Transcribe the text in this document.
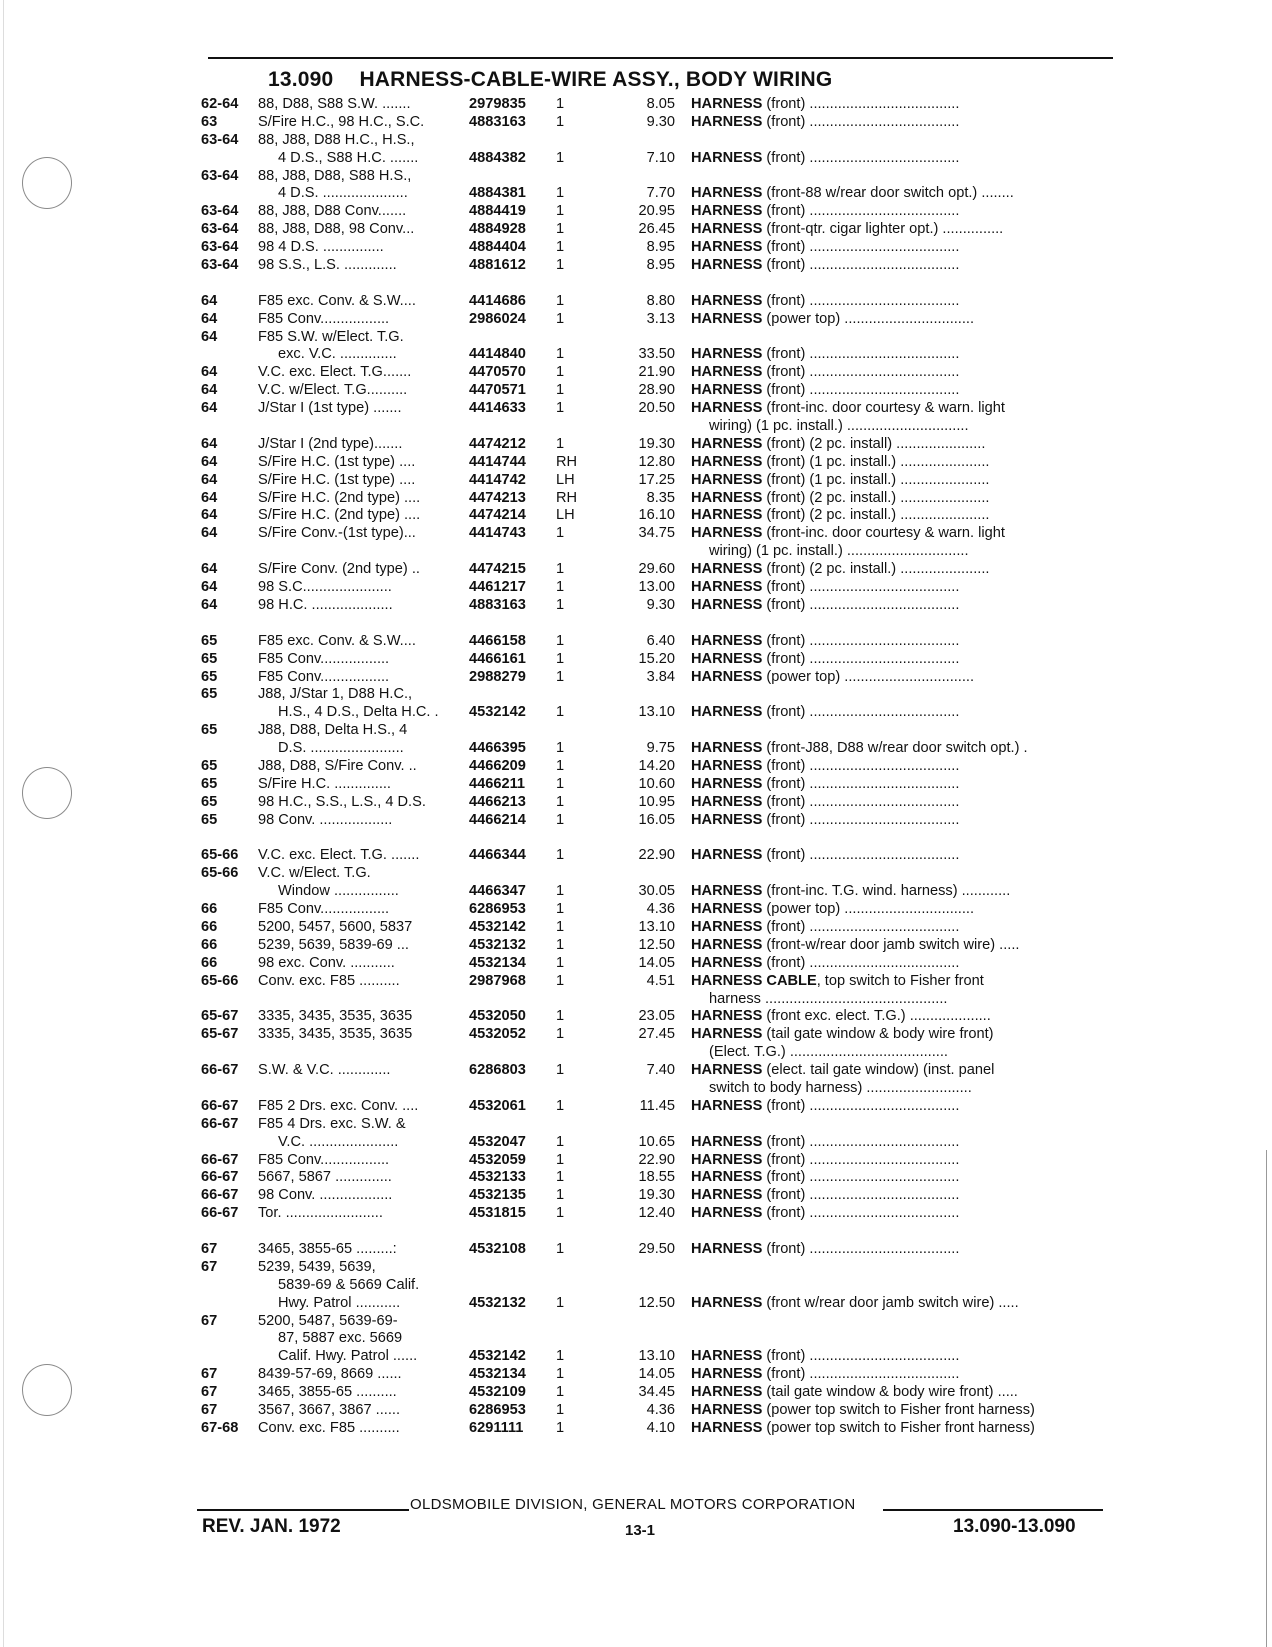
13.090 HARNESS-CABLE-WIRE ASSY., BODY WIRING
62-64	88, D88, S88 S.W. .......	2979835	1	8.05 HARNESS (front) .....................................
63	S/Fire H.C., 98 H.C., S.C.	4883163	1	9.30 HARNESS (front) .....................................
63-64	88, J88, D88 H.C., H.S.,
4 D.S., S88 H.C. .......	4884382	1	7.10 HARNESS (front) .....................................
63-64	88, J88, D88, S88 H.S.,
4 D.S. .....................	4884381	1	7.70 HARNESS (front-88 w/rear door switch opt.) ........
63-64	88, J88, D88 Conv.......	4884419	1	20.95 HARNESS (front) .....................................
63-64	88, J88, D88, 98 Conv...	4884928	1	26.45 HARNESS (front-qtr. cigar lighter opt.) ...............
63-64	98 4 D.S. ...............	4884404	1	8.95 HARNESS (front) .....................................
63-64	98 S.S., L.S. .............	4881612	1	8.95 HARNESS (front) .....................................
64	F85 exc. Conv. & S.W....	4414686	1	8.80 HARNESS (front) .....................................
64	F85 Conv.................	2986024	1	3.13 HARNESS (power top) ................................
64	F85 S.W. w/Elect. T.G.
exc. V.C. ..............	4414840	1	33.50 HARNESS (front) .....................................
64	V.C. exc. Elect. T.G.......	4470570	1	21.90 HARNESS (front) .....................................
64	V.C. w/Elect. T.G..........	4470571	1	28.90 HARNESS (front) .....................................
64	J/Star I (1st type) .......	4414633	1	20.50 HARNESS (front-inc. door courtesy & warn. light
wiring) (1 pc. install.) ..............................
64	J/Star I (2nd type).......	4474212	1	19.30 HARNESS (front) (2 pc. install) ......................
64	S/Fire H.C. (1st type) ....	4414744	RH	12.80 HARNESS (front) (1 pc. install.) ......................
64	S/Fire H.C. (1st type) ....	4414742	LH	17.25 HARNESS (front) (1 pc. install.) ......................
64	S/Fire H.C. (2nd type) ....	4474213	RH	8.35 HARNESS (front) (2 pc. install.) ......................
64	S/Fire H.C. (2nd type) ....	4474214	LH	16.10 HARNESS (front) (2 pc. install.) ......................
64	S/Fire Conv.-(1st type)...	4414743	1	34.75 HARNESS (front-inc. door courtesy & warn. light
wiring) (1 pc. install.) ..............................
64	S/Fire Conv. (2nd type) ..	4474215	1	29.60 HARNESS (front) (2 pc. install.) ......................
64	98 S.C......................	4461217	1	13.00 HARNESS (front) .....................................
64	98 H.C. ....................	4883163	1	9.30 HARNESS (front) .....................................
65	F85 exc. Conv. & S.W....	4466158	1	6.40 HARNESS (front) .....................................
65	F85 Conv.................	4466161	1	15.20 HARNESS (front) .....................................
65	F85 Conv.................	2988279	1	3.84 HARNESS (power top) ................................
65	J88, J/Star 1, D88 H.C.,
H.S., 4 D.S., Delta H.C. .	4532142	1	13.10 HARNESS (front) .....................................
65	J88, D88, Delta H.S., 4
D.S. .......................	4466395	1	9.75 HARNESS (front-J88, D88 w/rear door switch opt.) .
65	J88, D88, S/Fire Conv. ..	4466209	1	14.20 HARNESS (front) .....................................
65	S/Fire H.C. ..............	4466211	1	10.60 HARNESS (front) .....................................
65	98 H.C., S.S., L.S., 4 D.S.	4466213	1	10.95 HARNESS (front) .....................................
65	98 Conv. ..................	4466214	1	16.05 HARNESS (front) .....................................
65-66	V.C. exc. Elect. T.G. .......	4466344	1	22.90 HARNESS (front) .....................................
65-66	V.C. w/Elect. T.G.
Window ................	4466347	1	30.05 HARNESS (front-inc. T.G. wind. harness) ............
66	F85 Conv.................	6286953	1	4.36 HARNESS (power top) ................................
66	5200, 5457, 5600, 5837	4532142	1	13.10 HARNESS (front) .....................................
66	5239, 5639, 5839-69 ...	4532132	1	12.50 HARNESS (front-w/rear door jamb switch wire) .....
66	98 exc. Conv. ...........	4532134	1	14.05 HARNESS (front) .....................................
65-66	Conv. exc. F85 ..........	2987968	1	4.51 HARNESS CABLE, top switch to Fisher front
harness .............................................
65-67	3335, 3435, 3535, 3635	4532050	1	23.05 HARNESS (front exc. elect. T.G.) ....................
65-67	3335, 3435, 3535, 3635	4532052	1	27.45 HARNESS (tail gate window & body wire front)
(Elect. T.G.) .......................................
66-67	S.W. & V.C. .............	6286803	1	7.40 HARNESS (elect. tail gate window) (inst. panel
switch to body harness) ..........................
66-67	F85 2 Drs. exc. Conv. ....	4532061	1	11.45 HARNESS (front) .....................................
66-67	F85 4 Drs. exc. S.W. &
V.C. ......................	4532047	1	10.65 HARNESS (front) .....................................
66-67	F85 Conv.................	4532059	1	22.90 HARNESS (front) .....................................
66-67	5667, 5867 ..............	4532133	1	18.55 HARNESS (front) .....................................
66-67	98 Conv. ..................	4532135	1	19.30 HARNESS (front) .....................................
66-67	Tor. ........................	4531815	1	12.40 HARNESS (front) .....................................
67	3465, 3855-65 .........:	4532108	1	29.50 HARNESS (front) .....................................
67	5239, 5439, 5639,
5839-69 & 5669 Calif.
Hwy. Patrol ...........	4532132	1	12.50 HARNESS (front w/rear door jamb switch wire) .....
67	5200, 5487, 5639-69-
87, 5887 exc. 5669
Calif. Hwy. Patrol ......	4532142	1	13.10 HARNESS (front) .....................................
67	8439-57-69, 8669 ......	4532134	1	14.05 HARNESS (front) .....................................
67	3465, 3855-65 ..........	4532109	1	34.45 HARNESS (tail gate window & body wire front) .....
67	3567, 3667, 3867 ......	6286953	1	4.36 HARNESS (power top switch to Fisher front harness)
67-68	Conv. exc. F85 ..........	6291111	1	4.10 HARNESS (power top switch to Fisher front harness)
OLDSMOBILE DIVISION, GENERAL MOTORS CORPORATION
REV. JAN. 1972	13-1	13.090-13.090
